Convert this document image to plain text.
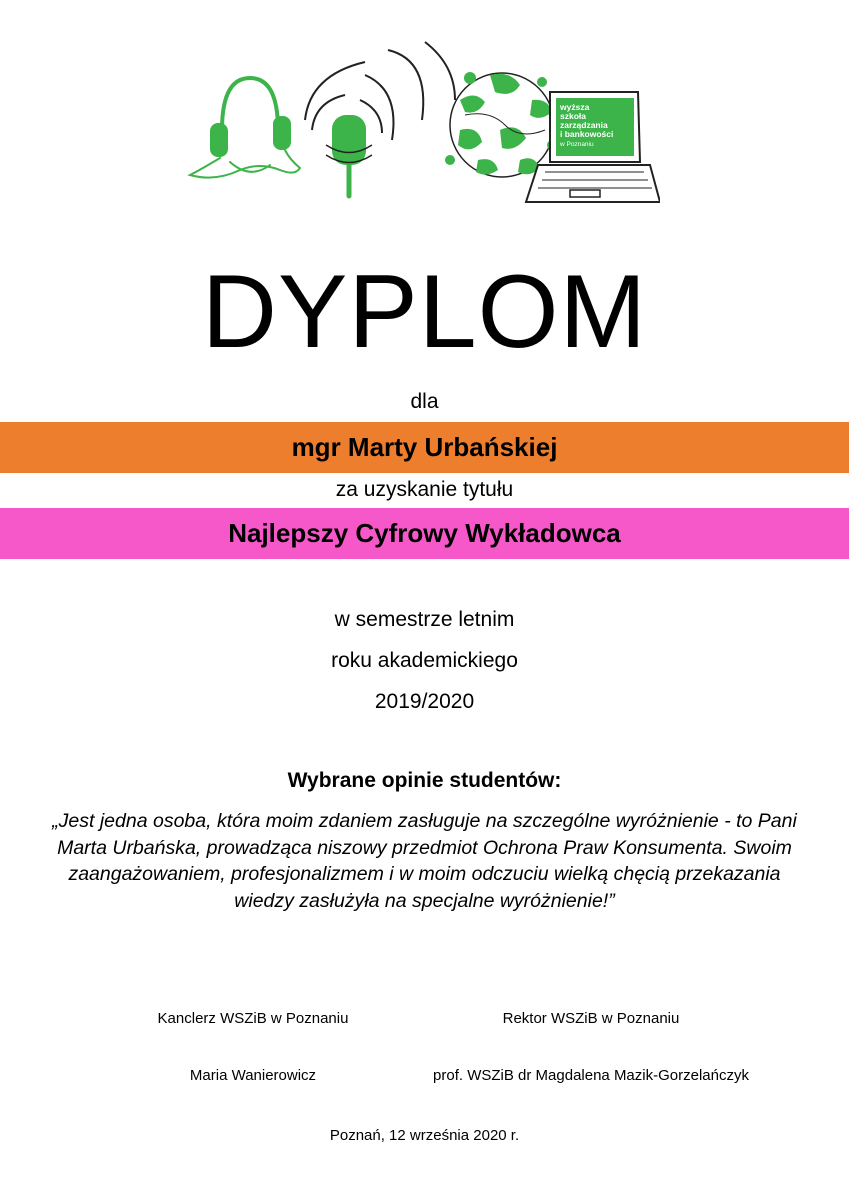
wyższa
szkoła
zarządzania
i bankowości
w Poznaniu
DYPLOM
dla
mgr Marty Urbańskiej
za uzyskanie tytułu
Najlepszy Cyfrowy Wykładowca
w semestrze letnim
roku akademickiego
2019/2020
Wybrane opinie studentów:
„Jest jedna osoba, która moim zdaniem zasługuje na szczególne wyróżnienie - to Pani Marta Urbańska, prowadząca niszowy przedmiot Ochrona Praw Konsumenta. Swoim zaangażowaniem, profesjonalizmem i w moim odczuciu wielką chęcią przekazania wiedzy zasłużyła na specjalne wyróżnienie!”
Kanclerz WSZiB w Poznaniu	Rektor WSZiB w Poznaniu
Maria Wanierowicz	prof. WSZiB dr Magdalena Mazik-Gorzelańczyk
Poznań, 12 września 2020 r.
